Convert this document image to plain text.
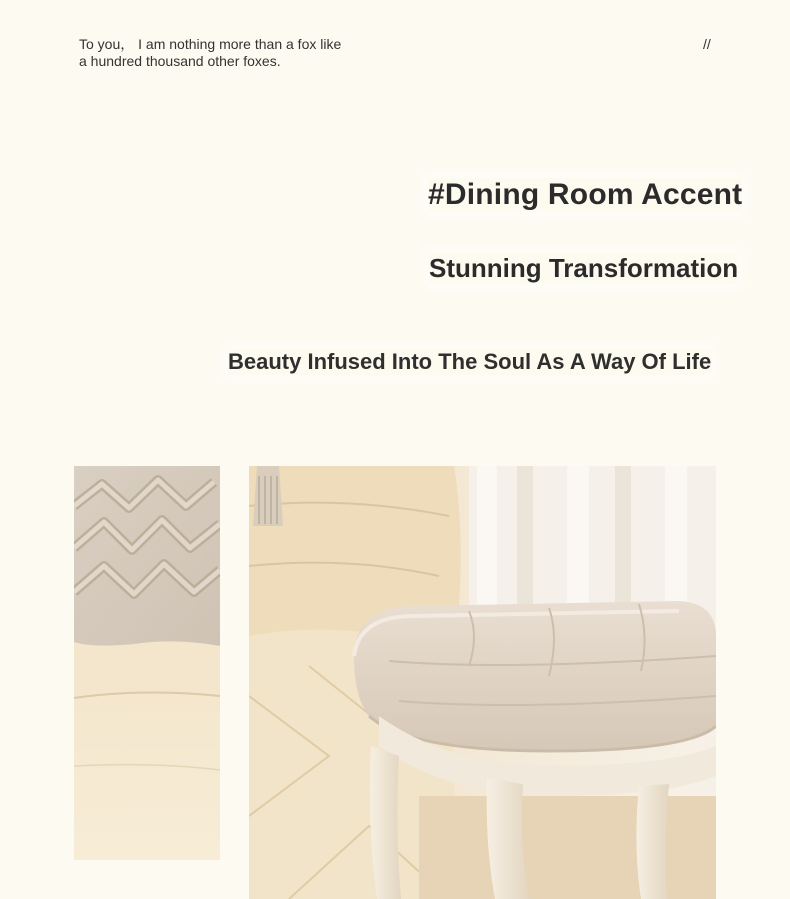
To you， I am nothing more than a fox like
a hundred thousand other foxes.
//
#Dining Room Accent
Stunning Transformation
Beauty Infused Into The Soul As A Way Of Life
